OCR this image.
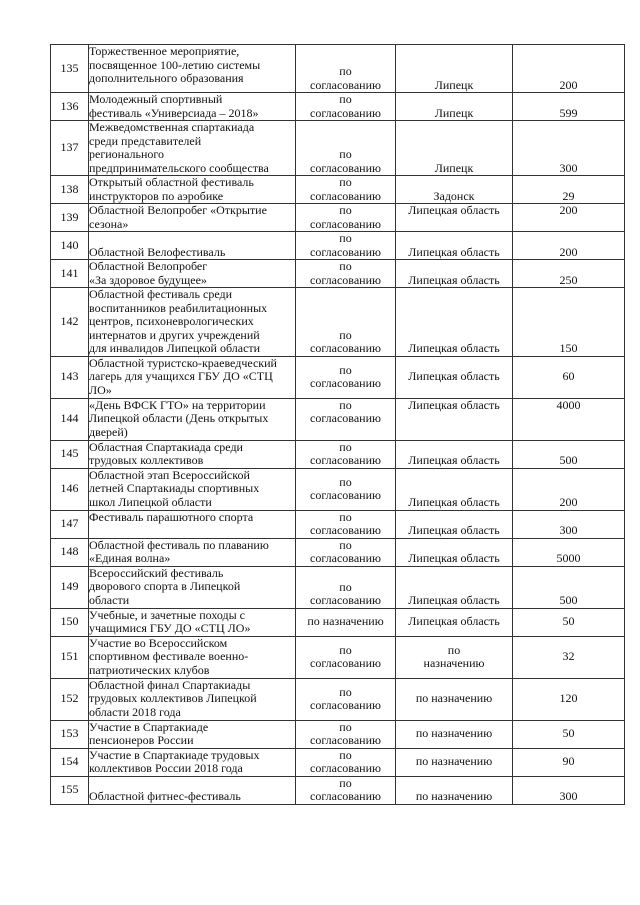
135	Торжественное мероприятие,
посвященное 100-летию системы
дополнительного образования	по
согласованию	Липецк	200
136	Молодежный спортивный
фестиваль «Универсиада – 2018»	по
согласованию	Липецк	599
137	Межведомственная спартакиада
среди представителей
регионального
предпринимательского сообщества	по
согласованию	Липецк	300
138	Открытый областной фестиваль
инструкторов по аэробике	по
согласованию	Задонск	29
139	Областной Велопробег «Открытие
сезона»	по
согласованию	Липецкая область	200
140	Областной Велофестиваль	по
согласованию	Липецкая область	200
141	Областной Велопробег
«За здоровое будущее»	по
согласованию	Липецкая область	250
142	Областной фестиваль среди
воспитанников реабилитационных
центров, психоневрологических
интернатов и других учреждений
для инвалидов Липецкой области	по
согласованию	Липецкая область	150
143	Областной туристско-краеведческий
лагерь для учащихся ГБУ ДО «СТЦ
ЛО»	по
согласованию	Липецкая область	60
144	«День ВФСК ГТО» на территории
Липецкой области (День открытых
дверей)	по
согласованию	Липецкая область	4000
145	Областная Спартакиада среди
трудовых коллективов	по
согласованию	Липецкая область	500
146	Областной этап Всероссийской
летней Спартакиады спортивных
школ Липецкой области	по
согласованию	Липецкая область	200
147	Фестиваль парашютного спорта	по
согласованию	Липецкая область	300
148	Областной фестиваль по плаванию
«Единая волна»	по
согласованию	Липецкая область	5000
149	Всероссийский фестиваль
дворового спорта в Липецкой
области	по
согласованию	Липецкая область	500
150	Учебные, и зачетные походы с
учащимися ГБУ ДО «СТЦ ЛО»	по назначению	Липецкая область	50
151	Участие во Всероссийском
спортивном фестивале военно-
патриотических клубов	по
согласованию	по
назначению	32
152	Областной финал Спартакиады
трудовых коллективов Липецкой
области 2018 года	по
согласованию	по назначению	120
153	Участие в Спартакиаде
пенсионеров России	по
согласованию	по назначению	50
154	Участие в Спартакиаде трудовых
коллективов России 2018 года	по
согласованию	по назначению	90
155	Областной фитнес-фестиваль	по
согласованию	по назначению	300
